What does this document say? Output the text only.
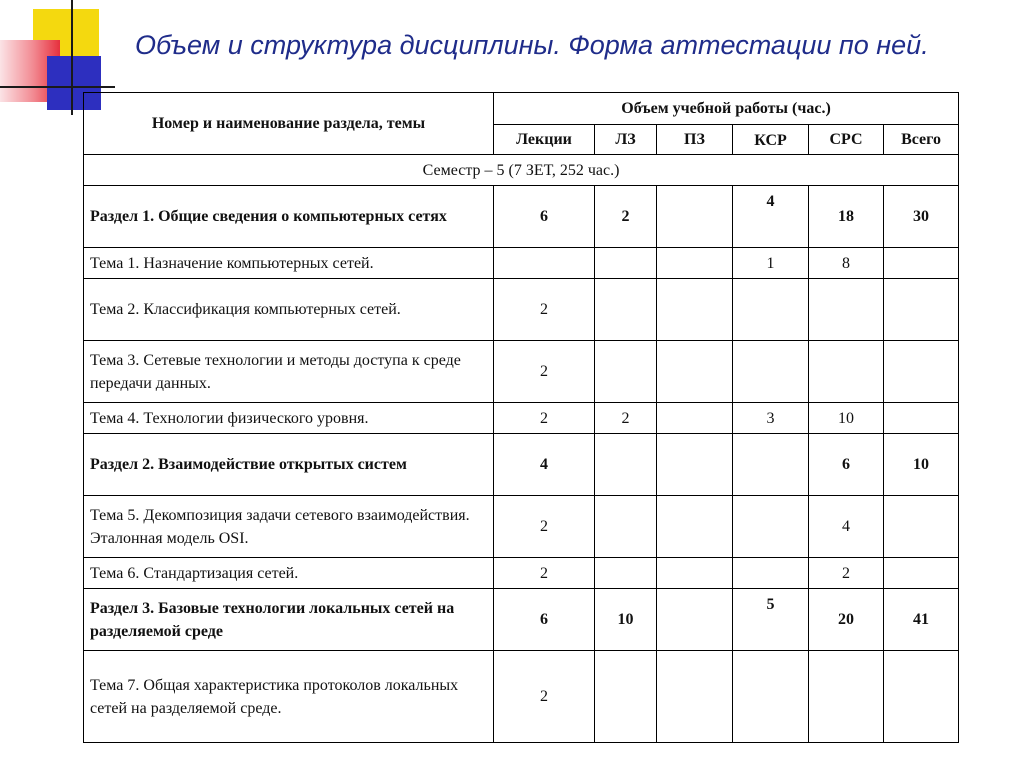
Объем и структура дисциплины. Форма аттестации по ней.
Номер и наименование раздела, темы	Объем учебной работы (час.)					
	Лекции	ЛЗ	ПЗ	КСР	СРС	Всего
Семестр – 5 (7 ЗЕТ, 252 час.)						
Раздел 1. Общие сведения о компьютерных сетях	6	2		4	18	30
Тема 1. Назначение компьютерных сетей.				1	8	
Тема 2. Классификация компьютерных сетей.	2					
Тема 3. Сетевые технологии и методы доступа к среде передачи данных.	2					
Тема 4. Технологии физического уровня.	2	2		3	10	
Раздел 2. Взаимодействие открытых систем	4				6	10
Тема 5. Декомпозиция задачи сетевого взаимодействия. Эталонная модель OSI.	2				4	
Тема 6. Стандартизация сетей.	2				2	
Раздел 3. Базовые технологии локальных сетей на разделяемой среде	6	10		5	20	41
Тема 7. Общая характеристика протоколов локальных сетей на разделяемой среде.	2					
